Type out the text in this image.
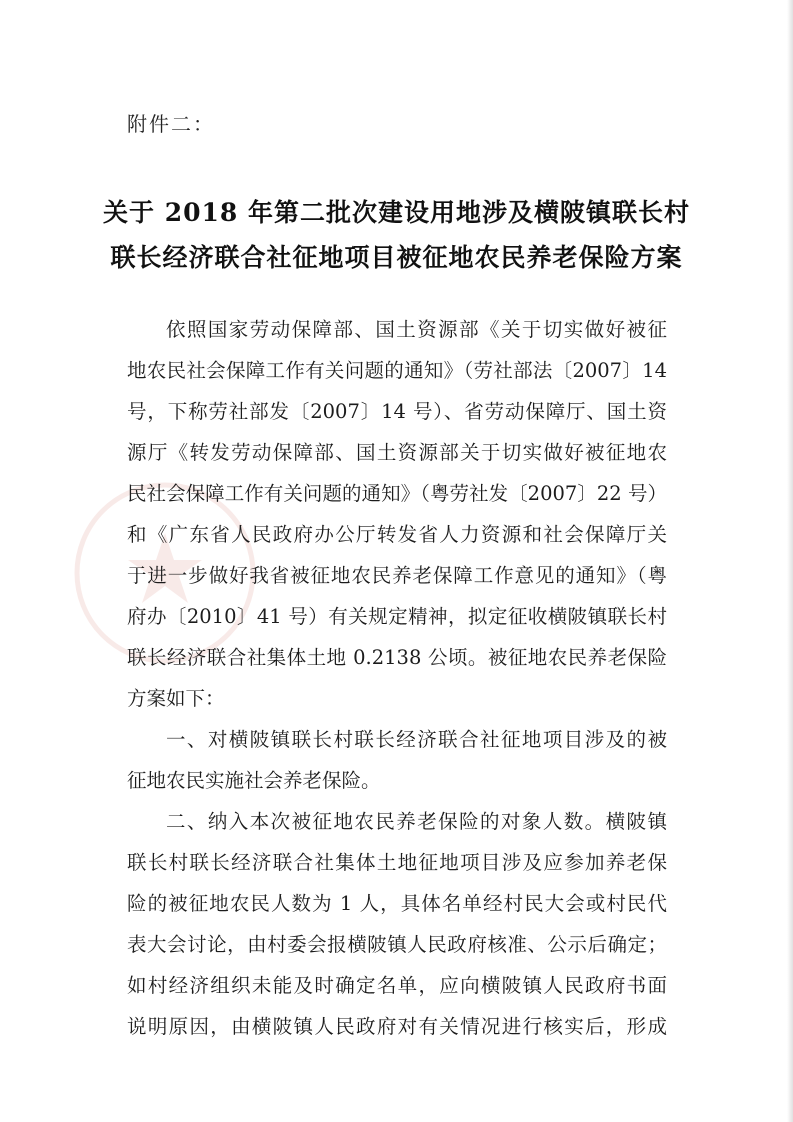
附件二：
关于 2018 年第二批次建设用地涉及横陂镇联长村
联长经济联合社征地项目被征地农民养老保险方案
依照国家劳动保障部、国土资源部《关于切实做好被征
地农民社会保障工作有关问题的通知》（劳社部法〔2007〕14
号，下称劳社部发〔2007〕14 号）、省劳动保障厅、国土资
源厅《转发劳动保障部、国土资源部关于切实做好被征地农
民社会保障工作有关问题的通知》（粤劳社发〔2007〕22 号）
和《广东省人民政府办公厅转发省人力资源和社会保障厅关
于进一步做好我省被征地农民养老保障工作意见的通知》（粤
府办〔2010〕41 号）有关规定精神，拟定征收横陂镇联长村
联长经济联合社集体土地 0.2138 公顷。被征地农民养老保险
方案如下：
一、对横陂镇联长村联长经济联合社征地项目涉及的被
征地农民实施社会养老保险。
二、纳入本次被征地农民养老保险的对象人数。横陂镇
联长村联长经济联合社集体土地征地项目涉及应参加养老保
险的被征地农民人数为 1 人，具体名单经村民大会或村民代
表大会讨论，由村委会报横陂镇人民政府核准、公示后确定；
如村经济组织未能及时确定名单，应向横陂镇人民政府书面
说明原因，由横陂镇人民政府对有关情况进行核实后，形成
